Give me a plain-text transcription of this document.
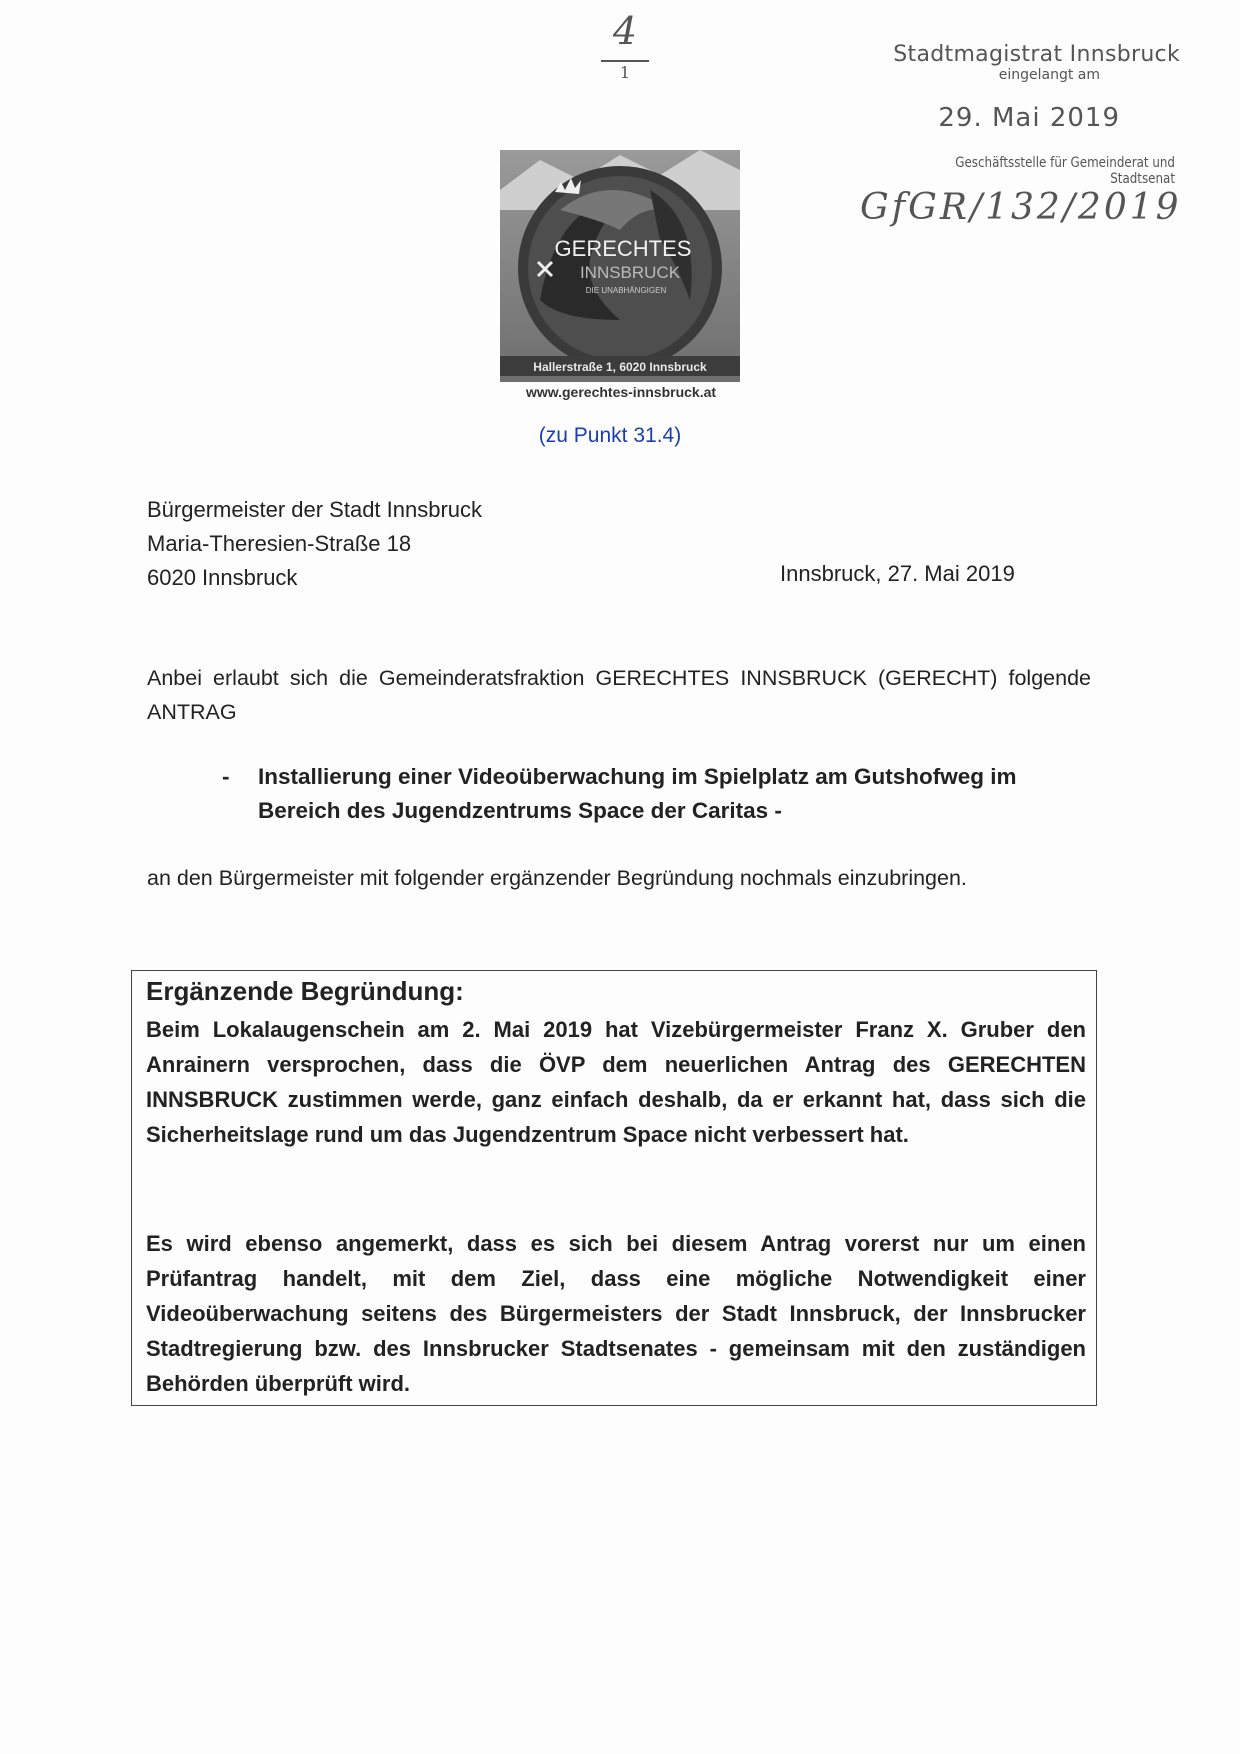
4
1
Stadtmagistrat Innsbruck
eingelangt am
29. Mai 2019
Geschäftsstelle für Gemeinderat und Stadtsenat
GfGR/132/2019
GERECHTES
INNSBRUCK
DIE UNABHÄNGIGEN
Hallerstraße 1, 6020 Innsbruck
www.gerechtes-innsbruck.at
(zu Punkt 31.4)
Bürgermeister der Stadt Innsbruck
Maria-Theresien-Straße 18
6020 Innsbruck	Innsbruck, 27. Mai 2019
Anbei erlaubt sich die Gemeinderatsfraktion GERECHTES INNSBRUCK (GERECHT) folgende ANTRAG
- Installierung einer Videoüberwachung im Spielplatz am Gutshofweg im Bereich des Jugendzentrums Space der Caritas -
an den Bürgermeister mit folgender ergänzender Begründung nochmals einzubringen.
Ergänzende Begründung:
Beim Lokalaugenschein am 2. Mai 2019 hat Vizebürgermeister Franz X. Gruber den Anrainern versprochen, dass die ÖVP dem neuerlichen Antrag des GERECHTEN INNSBRUCK zustimmen werde, ganz einfach deshalb, da er erkannt hat, dass sich die Sicherheitslage rund um das Jugendzentrum Space nicht verbessert hat.
Es wird ebenso angemerkt, dass es sich bei diesem Antrag vorerst nur um einen Prüfantrag handelt, mit dem Ziel, dass eine mögliche Notwendigkeit einer Videoüberwachung seitens des Bürgermeisters der Stadt Innsbruck, der Innsbrucker Stadtregierung bzw. des Innsbrucker Stadtsenates - gemeinsam mit den zuständigen Behörden überprüft wird.
